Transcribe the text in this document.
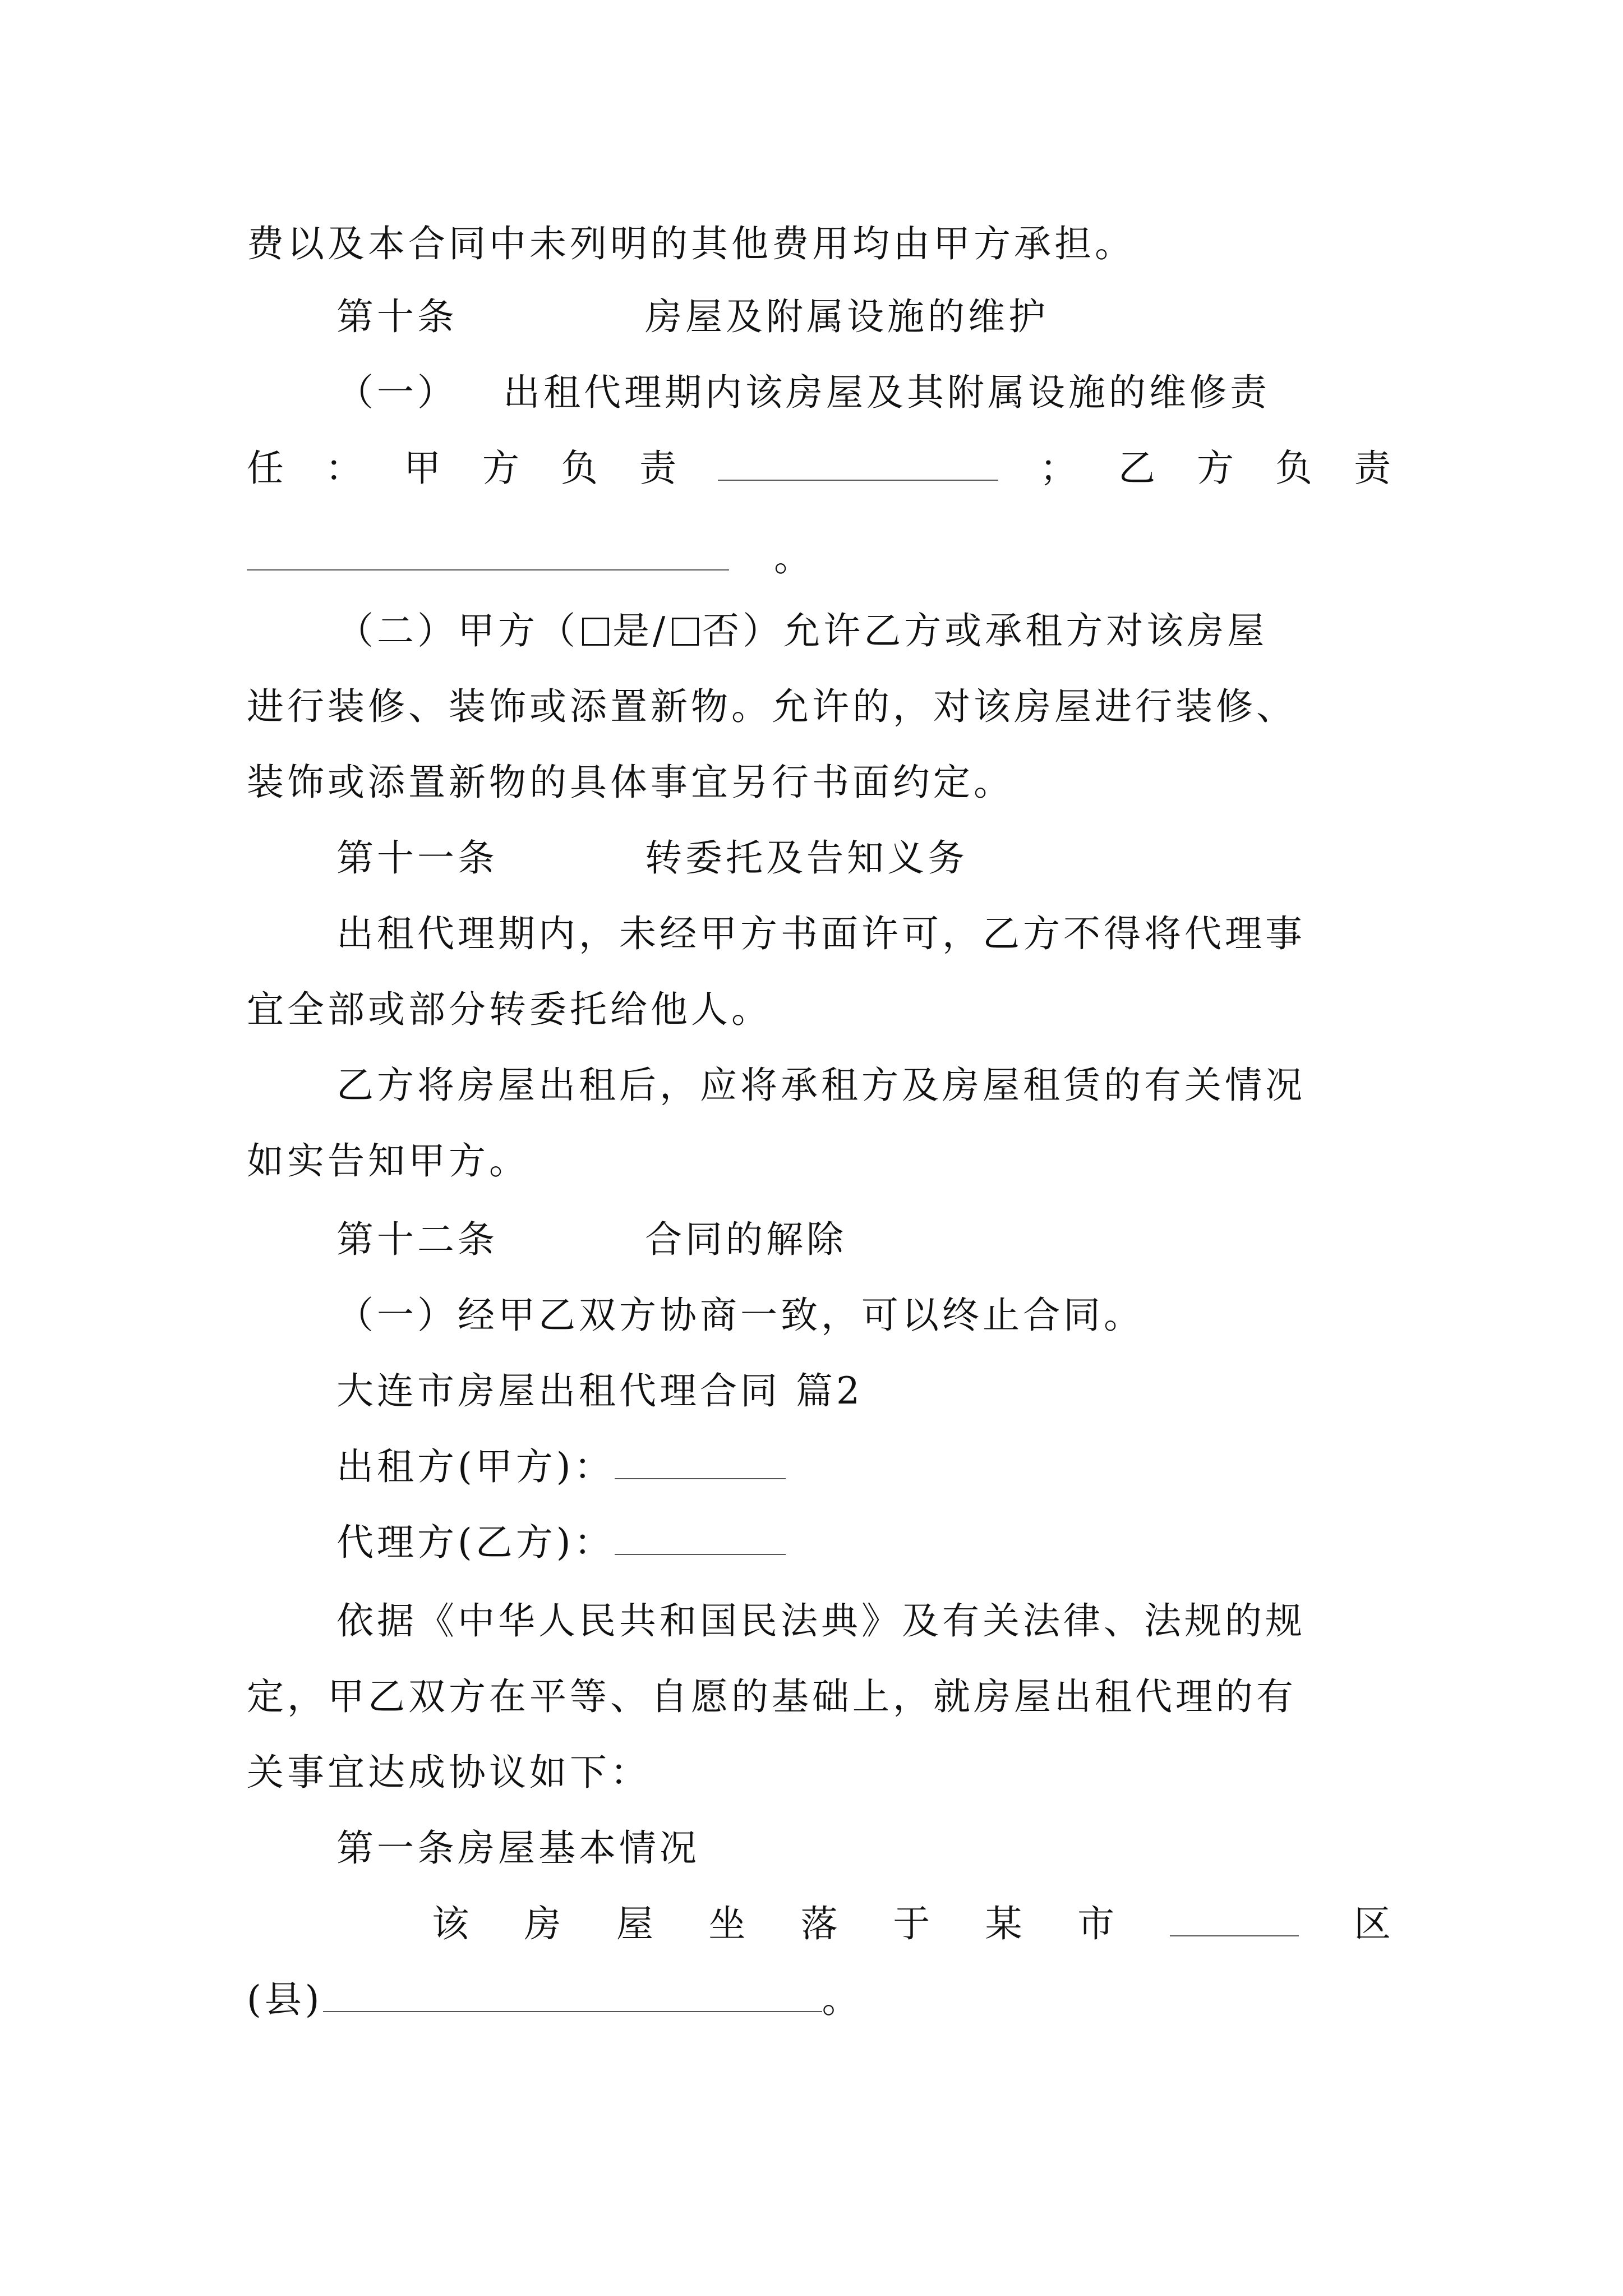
费以及本合同中未列明的其他费用均由甲方承担。
第十条	房屋及附属设施的维护
（一）   出租代理期内该房屋及其附属设施的维修责
任 ： 甲 方 负 责	； 乙 方 负 责
。
（二）甲方（ 是/ 否）允许乙方或承租方对该房屋
进行装修、装饰或添置新物。允许的，对该房屋进行装修、
装饰或添置新物的具体事宜另行书面约定。
第十一条	转委托及告知义务
出租代理期内，未经甲方书面许可，乙方不得将代理事
宜全部或部分转委托给他人。
乙方将房屋出租后，应将承租方及房屋租赁的有关情况
如实告知甲方。
第十二条	合同的解除
（一）经甲乙双方协商一致，可以终止合同。
大连市房屋出租代理合同 篇2
出租方(甲方)：
代理方(乙方)：
依据《中华人民共和国民法典》及有关法律、法规的规
定，甲乙双方在平等、自愿的基础上，就房屋出租代理的有
关事宜达成协议如下：
第一条房屋基本情况
该 房 屋 坐 落 于 某 市	区
(县)	。
